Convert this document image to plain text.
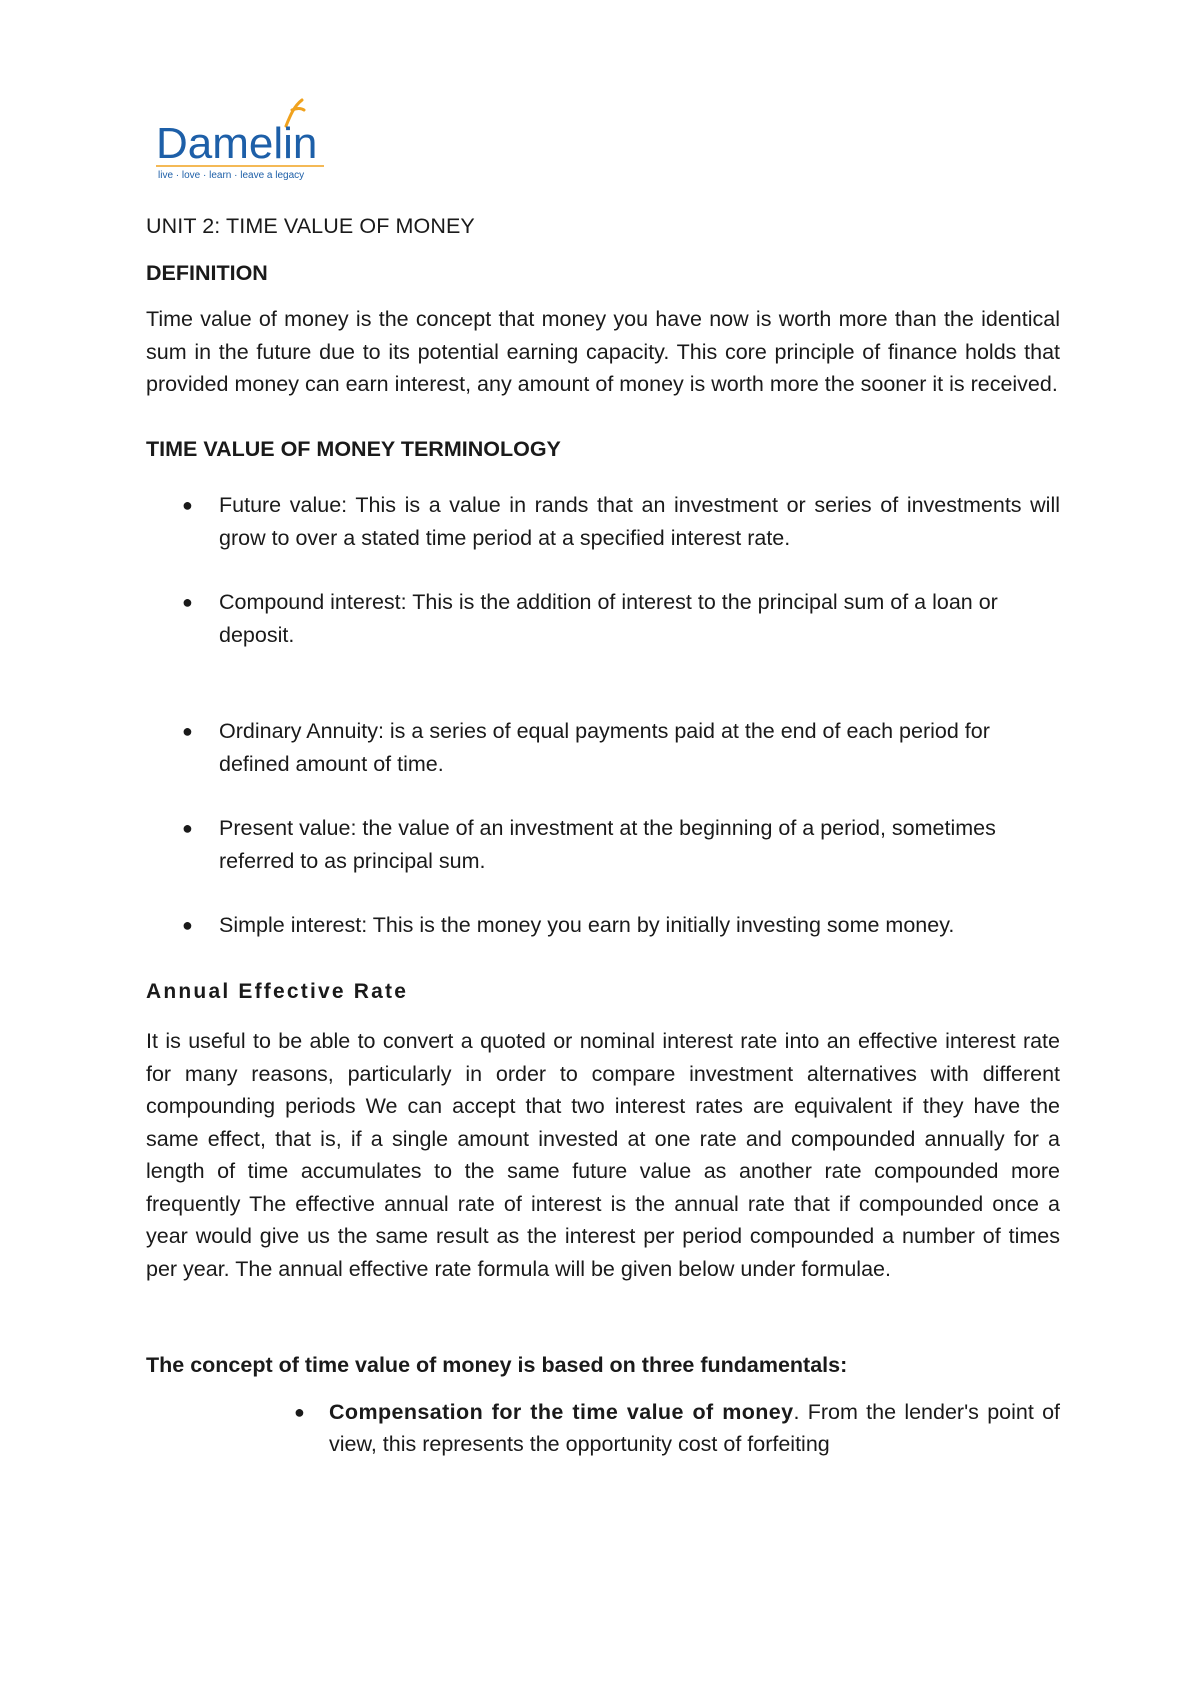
Damelin
live · love · learn · leave a legacy
UNIT 2: TIME VALUE OF MONEY
DEFINITION

Time value of money is the concept that money you have now is worth more than the identical sum in the future due to its potential earning capacity. This core principle of finance holds that provided money can earn interest, any amount of money is worth more the sooner it is received.

TIME VALUE OF MONEY TERMINOLOGY
● Future value: This is a value in rands that an investment or series of investments will grow to over a stated time period at a specified interest rate.
● Compound interest: This is the addition of interest to the principal sum of a loan or deposit.
● Ordinary Annuity: is a series of equal payments paid at the end of each period for defined amount of time.
● Present value: the value of an investment at the beginning of a period, sometimes referred to as principal sum.
● Simple interest: This is the money you earn by initially investing some money.
Annual Effective Rate

It is useful to be able to convert a quoted or nominal interest rate into an effective interest rate for many reasons, particularly in order to compare investment alternatives with different compounding periods We can accept that two interest rates are equivalent if they have the same effect, that is, if a single amount invested at one rate and compounded annually for a length of time accumulates to the same future value as another rate compounded more frequently The effective annual rate of interest is the annual rate that if compounded once a year would give us the same result as the interest per period compounded a number of times per year. The annual effective rate formula will be given below under formulae.

The concept of time value of money is based on three fundamentals:
● Compensation for the time value of money. From the lender's point of view, this represents the opportunity cost of forfeiting
